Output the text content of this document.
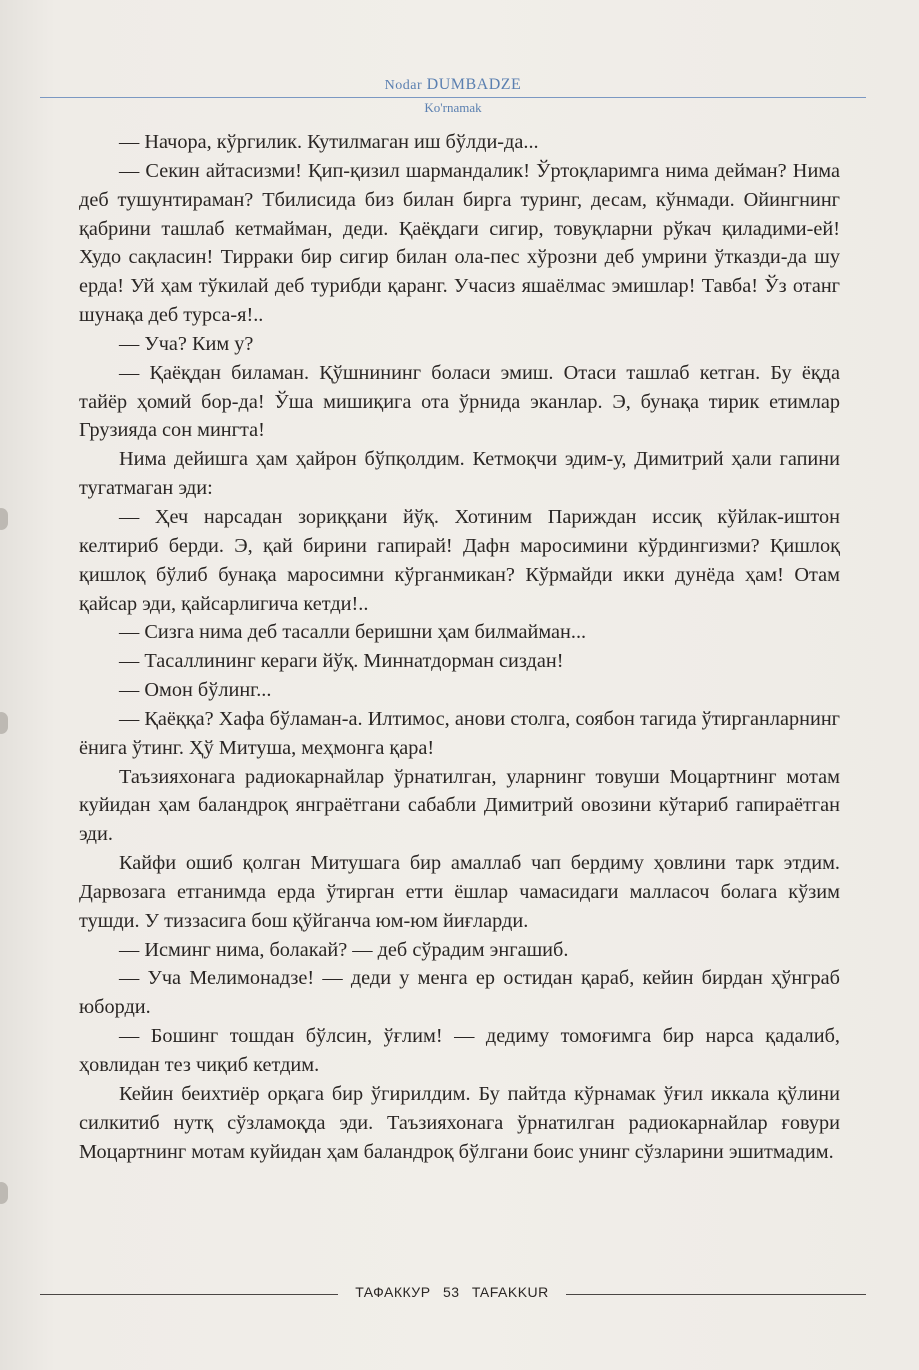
Nodar DUMBADZE
Ko'rnamak

— Начора, кўргилик. Кутилмаган иш бўлди-да...

— Секин айтасизми! Қип-қизил шармандалик! Ўртоқларимга нима дейман? Нима деб тушунтираман? Тбилисида биз билан бирга туринг, десам, кўнмади. Ойингнинг қабрини ташлаб кетмайман, деди. Қаёқдаги сигир, товуқларни рўкач қиладими-ей! Худо сақласин! Тирраки бир сигир билан ола-пес хўрозни деб умрини ўтказди-да шу ерда! Уй ҳам тўкилай деб турибди қаранг. Учасиз яшаёлмас эмишлар! Тавба! Ўз отанг шунақа деб турса-я!..

— Уча? Ким у?

— Қаёқдан биламан. Қўшнининг боласи эмиш. Отаси ташлаб кетган. Бу ёқда тайёр ҳомий бор-да! Ўша мишиқига ота ўрнида эканлар. Э, бунақа тирик етимлар Грузияда сон мингта!

Нима дейишга ҳам ҳайрон бўпқолдим. Кетмоқчи эдим-у, Димитрий ҳали гапини тугатмаган эди:

— Ҳеч нарсадан зориққани йўқ. Хотиним Париждан иссиқ кўйлак-иштон келтириб берди. Э, қай бирини гапирай! Дафн маросимини кўрдингизми? Қишлоқ қишлоқ бўлиб бунақа маросимни кўрганмикан? Кўрмайди икки дунёда ҳам! Отам қайсар эди, қайсарлигича кетди!..

— Сизга нима деб тасалли беришни ҳам билмайман...

— Тасаллининг кераги йўқ. Миннатдорман сиздан!

— Омон бўлинг...

— Қаёққа? Хафа бўламан-а. Илтимос, анови столга, соябон тагида ўтирганларнинг ёнига ўтинг. Ҳў Митуша, меҳмонга қара!

Таъзияхонага радиокарнайлар ўрнатилган, уларнинг товуши Моцартнинг мотам куйидан ҳам баландроқ янграётгани сабабли Димитрий овозини кўтариб гапираётган эди.

Кайфи ошиб қолган Митушага бир амаллаб чап бердиму ҳовлини тарк этдим. Дарвозага етганимда ерда ўтирган етти ёшлар чамасидаги малласоч болага кўзим тушди. У тиззасига бош қўйганча юм-юм йиғларди.

— Исминг нима, болакай? — деб сўрадим энгашиб.

— Уча Мелимонадзе! — деди у менга ер остидан қараб, кейин бирдан ҳўнграб юборди.

— Бошинг тошдан бўлсин, ўғлим! — дедиму томоғимга бир нарса қадалиб, ҳовлидан тез чиқиб кетдим.

Кейин беихтиёр орқага бир ўгирилдим. Бу пайтда кўрнамак ўғил иккала қўлини силкитиб нутқ сўзламоқда эди. Таъзияхонага ўрнатилган радиокарнайлар ғовури Моцартнинг мотам куйидан ҳам баландроқ бўлгани боис унинг сўзларини эшитмадим.

ТАФАККУР 53 TAFAKKUR
